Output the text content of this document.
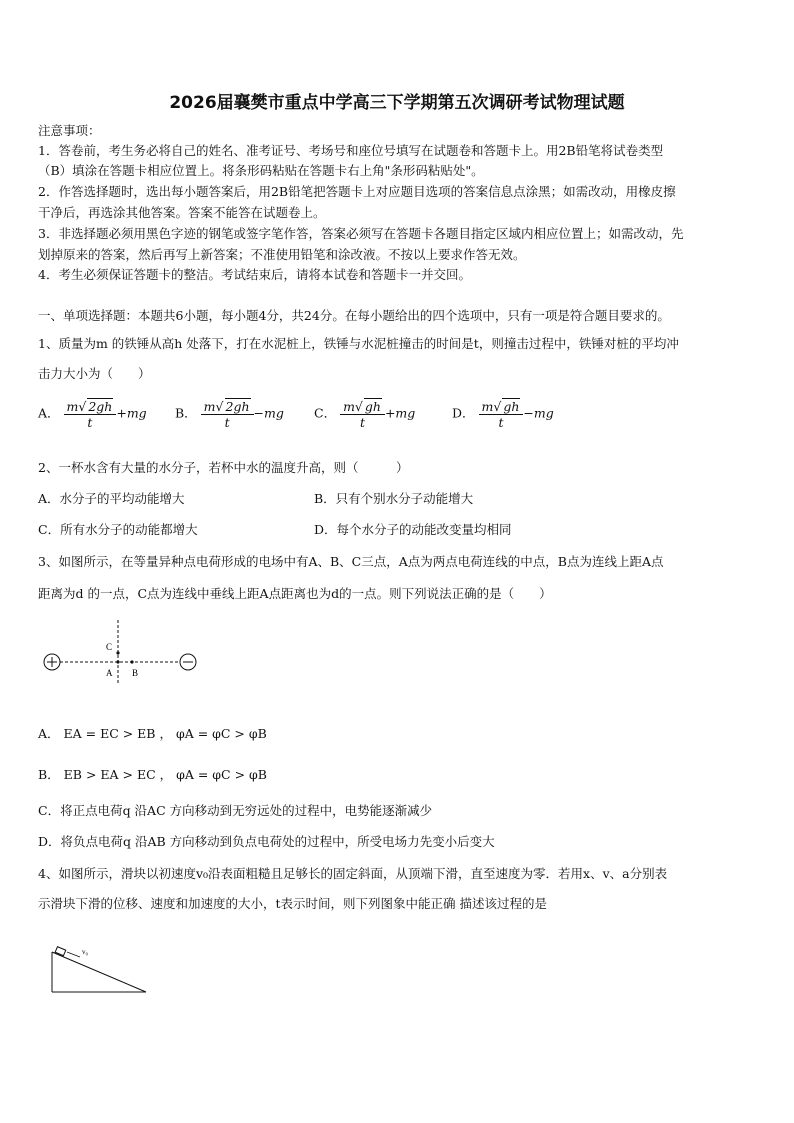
2026届襄樊市重点中学高三下学期第五次调研考试物理试题
注意事项：
1．答卷前，考生务必将自己的姓名、准考证号、考场号和座位号填写在试题卷和答题卡上。用2B铅笔将试卷类型
（B）填涂在答题卡相应位置上。将条形码粘贴在答题卡右上角"条形码粘贴处"。
2．作答选择题时，选出每小题答案后，用2B铅笔把答题卡上对应题目选项的答案信息点涂黑；如需改动，用橡皮擦
干净后，再选涂其他答案。答案不能答在试题卷上。
3．非选择题必须用黑色字迹的钢笔或签字笔作答，答案必须写在答题卡各题目指定区域内相应位置上；如需改动，先
划掉原来的答案，然后再写上新答案；不准使用铅笔和涂改液。不按以上要求作答无效。
4．考生必须保证答题卡的整洁。考试结束后，请将本试卷和答题卡一并交回。
一、单项选择题：本题共6小题，每小题4分，共24分。在每小题给出的四个选项中，只有一项是符合题目要求的。
1、质量为m 的铁锤从高h 处落下，打在水泥桩上，铁锤与水泥桩撞击的时间是t，则撞击过程中，铁锤对桩的平均冲
击力大小为（　　）
A． $\frac{m√ 2gh}{t} +mg$ B． $\frac{m√ 2gh}{t} -mg$ C． $\frac{m√ gh}{t} +mg$	D． $\frac{m√ gh}{t} -mg$
2、一杯水含有大量的水分子，若杯中水的温度升高，则（　　　）
A．水分子的平均动能增大	B．只有个别水分子动能增大
C．所有水分子的动能都增大	D．每个水分子的动能改变量均相同
3、如图所示，在等量异种点电荷形成的电场中有A、B、C三点，A点为两点电荷连线的中点，B点为连线上距A点
距离为d 的一点，C点为连线中垂线上距A点距离也为d的一点。则下列说法正确的是（　　）
C
A B
A． EA = EC > EB ， φA = φC > φB
B． EB > EA > EC ， φA = φC > φB
C．将正点电荷q 沿AC 方向移动到无穷远处的过程中，电势能逐渐减少
D．将负点电荷q 沿AB 方向移动到负点电荷处的过程中，所受电场力先变小后变大
4、如图所示，滑块以初速度v₀沿表面粗糙且足够长的固定斜面，从顶端下滑，直至速度为零．若用x、v、a分别表
示滑块下滑的位移、速度和加速度的大小，t表示时间，则下列图象中能正确 描述该过程的是
v₀
